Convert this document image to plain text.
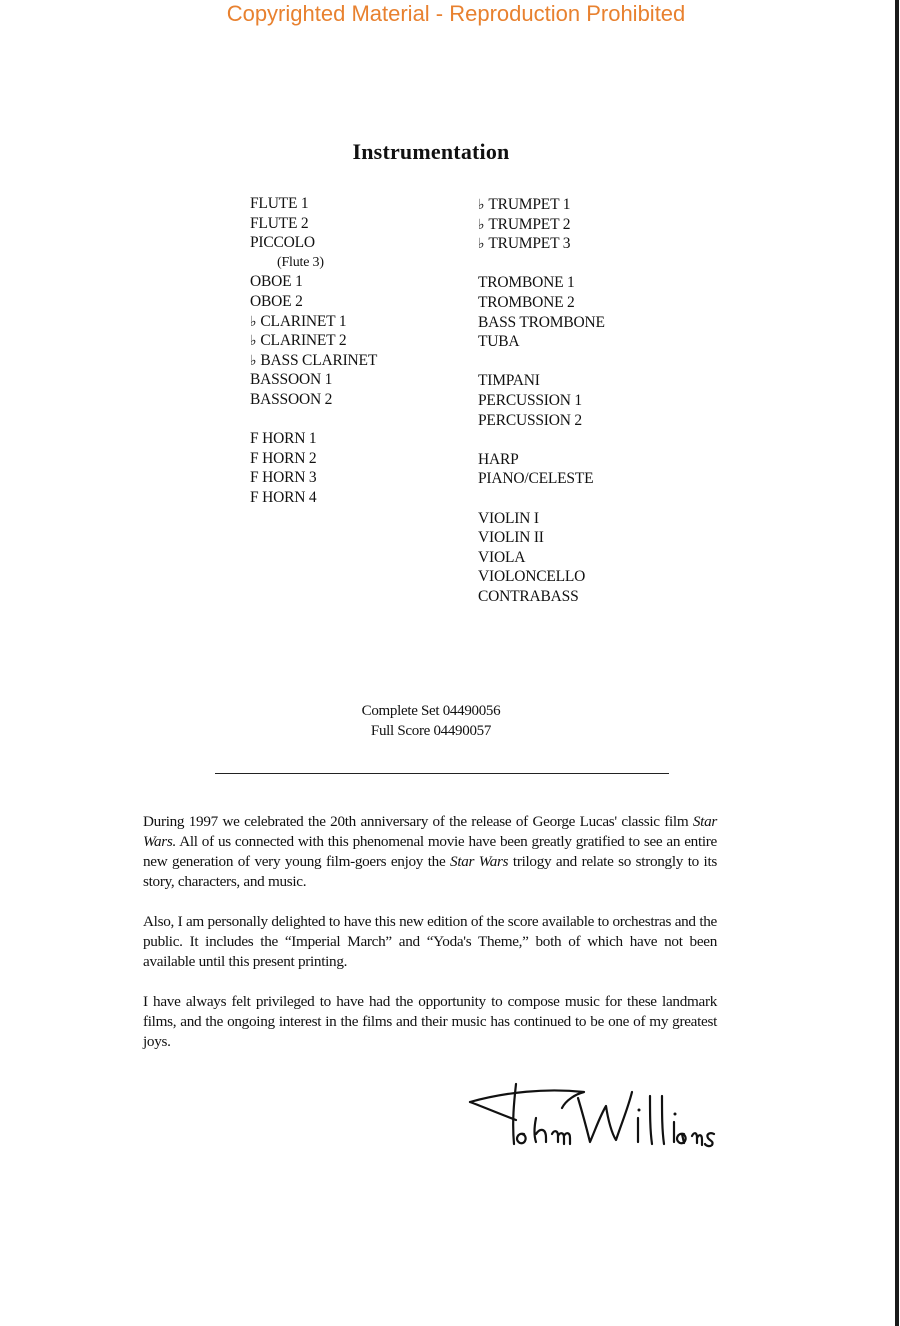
Copyrighted Material - Reproduction Prohibited
Instrumentation
FLUTE 1
FLUTE 2
PICCOLO
(Flute 3)
OBOE 1
OBOE 2
♭ CLARINET 1
♭ CLARINET 2
♭ BASS CLARINET
BASSOON 1
BASSOON 2
F HORN 1
F HORN 2
F HORN 3
F HORN 4
♭ TRUMPET 1
♭ TRUMPET 2
♭ TRUMPET 3
TROMBONE 1
TROMBONE 2
BASS TROMBONE
TUBA
TIMPANI
PERCUSSION 1
PERCUSSION 2
HARP
PIANO/CELESTE
VIOLIN I
VIOLIN II
VIOLA
VIOLONCELLO
CONTRABASS
Complete Set 04490056
Full Score 04490057

During 1997 we celebrated the 20th anniversary of the release of George Lucas' classic film Star Wars. All of us connected with this phenomenal movie have been greatly gratified to see an entire new generation of very young film-goers enjoy the Star Wars trilogy and relate so strongly to its story, characters, and music.

Also, I am personally delighted to have this new edition of the score available to orchestras and the public. It includes the “Imperial March” and “Yoda's Theme,” both of which have not been available until this present printing.

I have always felt privileged to have had the opportunity to compose music for these landmark films, and the ongoing interest in the films and their music has continued to be one of my greatest joys.
